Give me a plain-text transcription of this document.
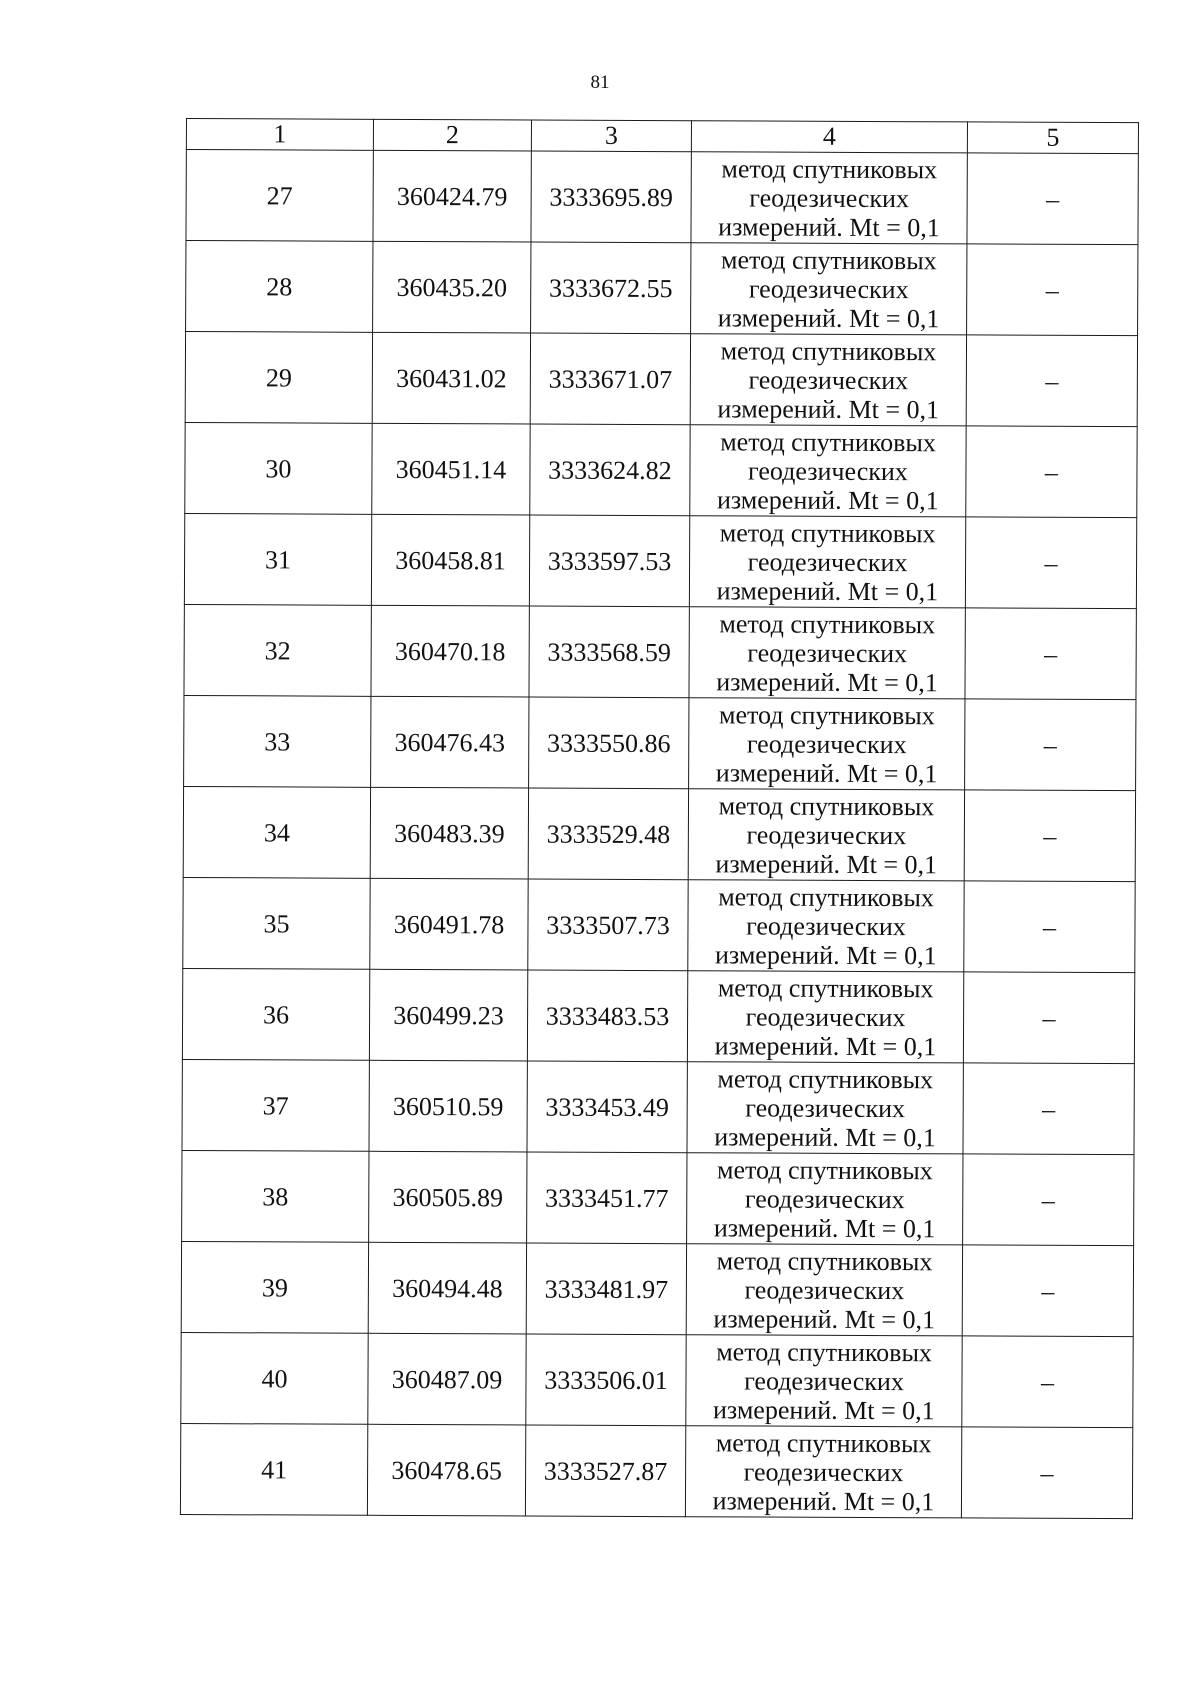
81
1	2	3	4	5
27	360424.79	3333695.89	метод спутниковых
геодезических
измерений. Mt = 0,1	–
28	360435.20	3333672.55	метод спутниковых
геодезических
измерений. Mt = 0,1	–
29	360431.02	3333671.07	метод спутниковых
геодезических
измерений. Mt = 0,1	–
30	360451.14	3333624.82	метод спутниковых
геодезических
измерений. Mt = 0,1	–
31	360458.81	3333597.53	метод спутниковых
геодезических
измерений. Mt = 0,1	–
32	360470.18	3333568.59	метод спутниковых
геодезических
измерений. Mt = 0,1	–
33	360476.43	3333550.86	метод спутниковых
геодезических
измерений. Mt = 0,1	–
34	360483.39	3333529.48	метод спутниковых
геодезических
измерений. Mt = 0,1	–
35	360491.78	3333507.73	метод спутниковых
геодезических
измерений. Mt = 0,1	–
36	360499.23	3333483.53	метод спутниковых
геодезических
измерений. Mt = 0,1	–
37	360510.59	3333453.49	метод спутниковых
геодезических
измерений. Mt = 0,1	–
38	360505.89	3333451.77	метод спутниковых
геодезических
измерений. Mt = 0,1	–
39	360494.48	3333481.97	метод спутниковых
геодезических
измерений. Mt = 0,1	–
40	360487.09	3333506.01	метод спутниковых
геодезических
измерений. Mt = 0,1	–
41	360478.65	3333527.87	метод спутниковых
геодезических
измерений. Mt = 0,1	–
